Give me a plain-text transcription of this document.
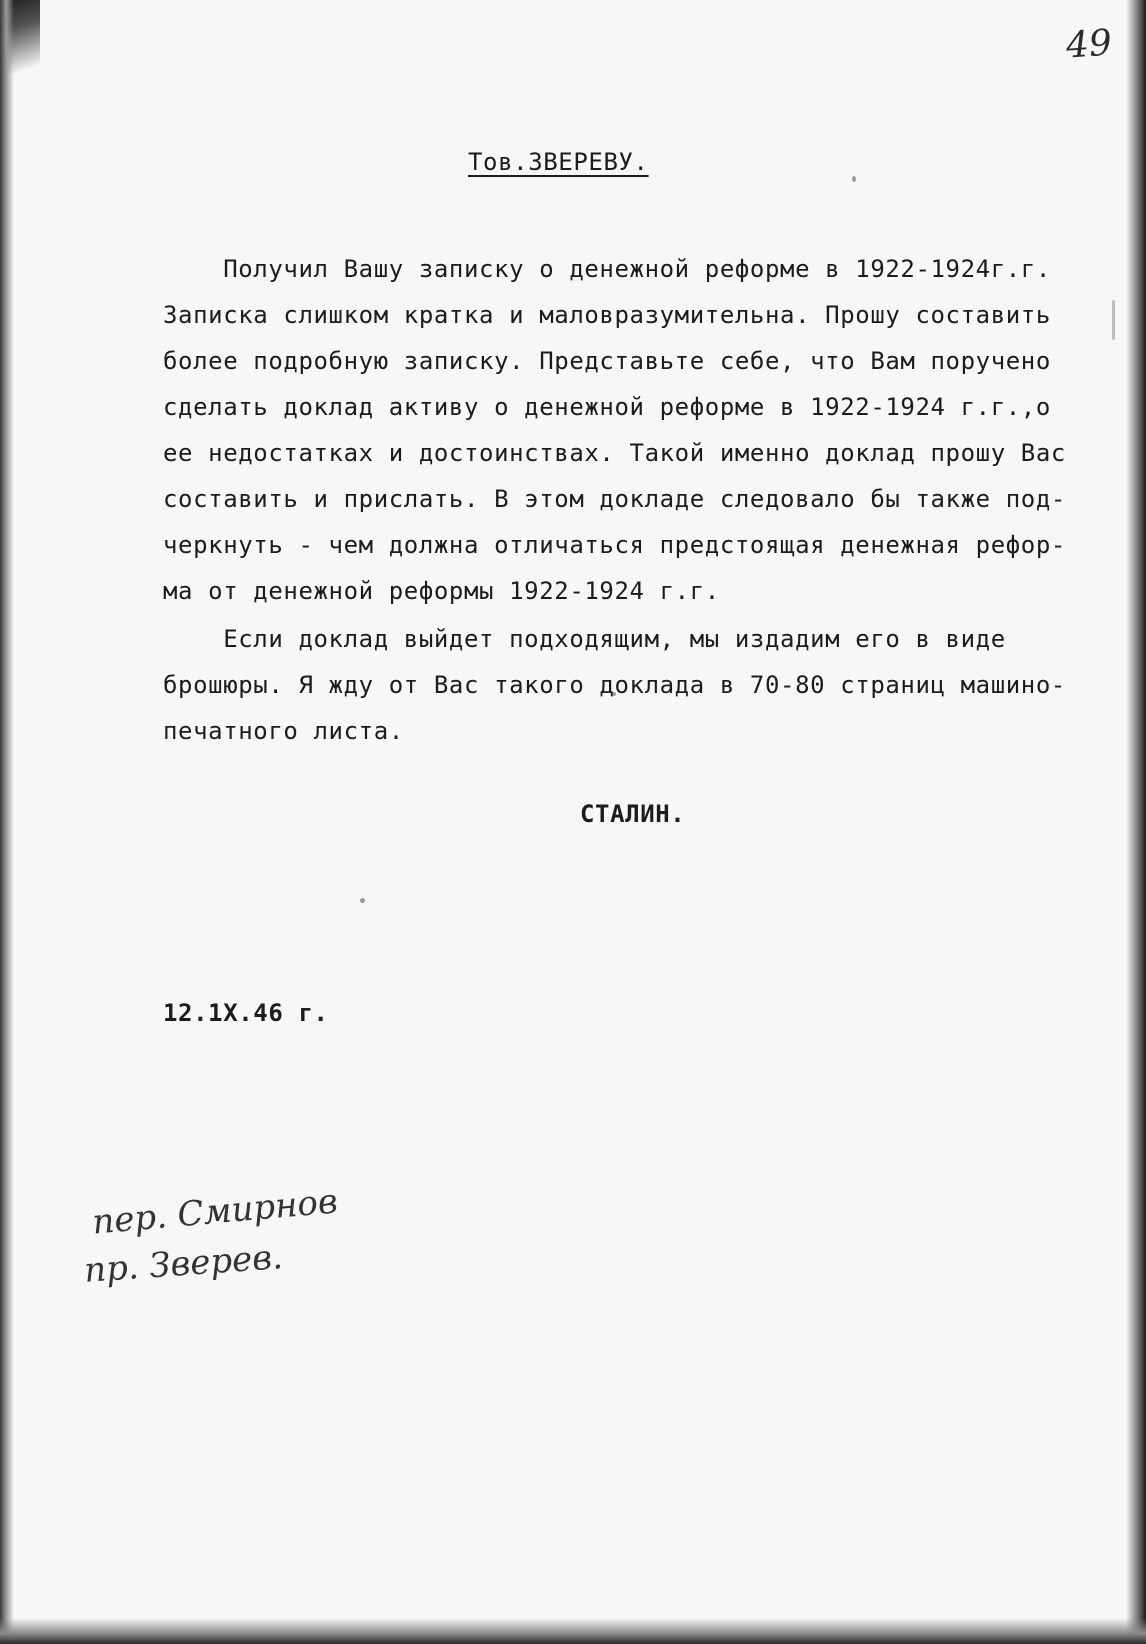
49
Тов.ЗВЕРЕВУ.
Получил Вашу записку о денежной реформе в 1922-1924г.г.
Записка слишком кратка и маловразумительна. Прошу составить
более подробную записку. Представьте себе, что Вам поручено
сделать доклад активу о денежной реформе в 1922-1924 г.г.,о
ее недостатках и достоинствах. Такой именно доклад прошу Вас
составить и прислать. В этом докладе следовало бы также под-
черкнуть - чем должна отличаться предстоящая денежная рефор-
ма от денежной реформы 1922-1924 г.г.
Если доклад выйдет подходящим, мы издадим его в виде
брошюры. Я жду от Вас такого доклада в 70-80 страниц машино-
печатного листа.
СТАЛИН.
12.1X.46 г.
пер. Смирнов
пр. Зверев.
